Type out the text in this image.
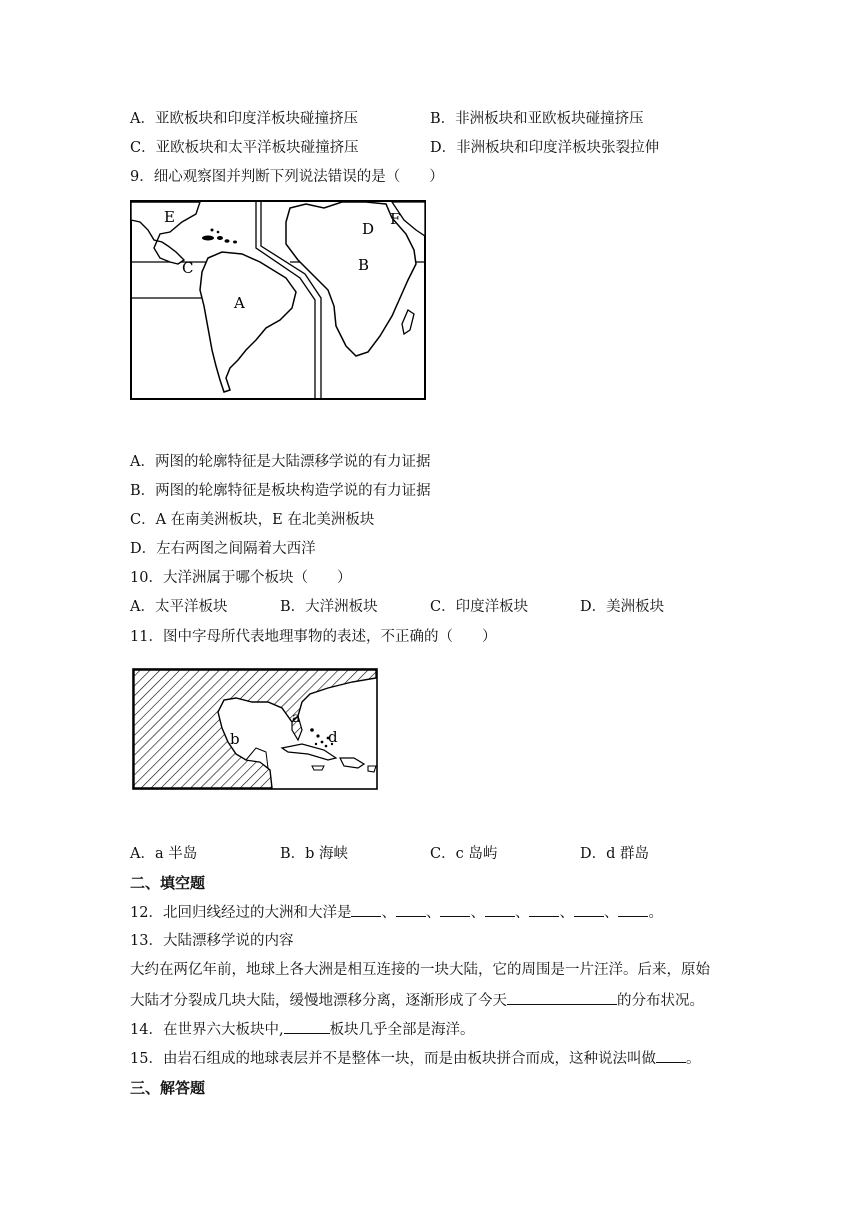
A．亚欧板块和印度洋板块碰撞挤压	B．非洲板块和亚欧板块碰撞挤压
C．亚欧板块和太平洋板块碰撞挤压	D．非洲板块和印度洋板块张裂拉伸
9．细心观察图并判断下列说法错误的是（　　）
E
C
A
B
D
F
A．两图的轮廓特征是大陆漂移学说的有力证据
B．两图的轮廓特征是板块构造学说的有力证据
C．A 在南美洲板块，E 在北美洲板块
D．左右两图之间隔着大西洋
10．大洋洲属于哪个板块（　　）
A．太平洋板块	B．大洋洲板块	C．印度洋板块	D．美洲板块
11．图中字母所代表地理事物的表述，不正确的（　　）
a
b	d
A．a 半岛	B．b 海峡	C．c 岛屿	D．d 群岛
二、填空题
12．北回归线经过的大洲和大洋是 、 、 、 、 、 、 。
13．大陆漂移学说的内容
大约在两亿年前，地球上各大洲是相互连接的一块大陆，它的周围是一片汪洋。后来，原始
大陆才分裂成几块大陆，缓慢地漂移分离，逐渐形成了今天	的分布状况。
14．在世界六大板块中,	板块几乎全部是海洋。
15．由岩石组成的地球表层并不是整体一块，而是由板块拼合而成，这种说法叫做 。
三、解答题
